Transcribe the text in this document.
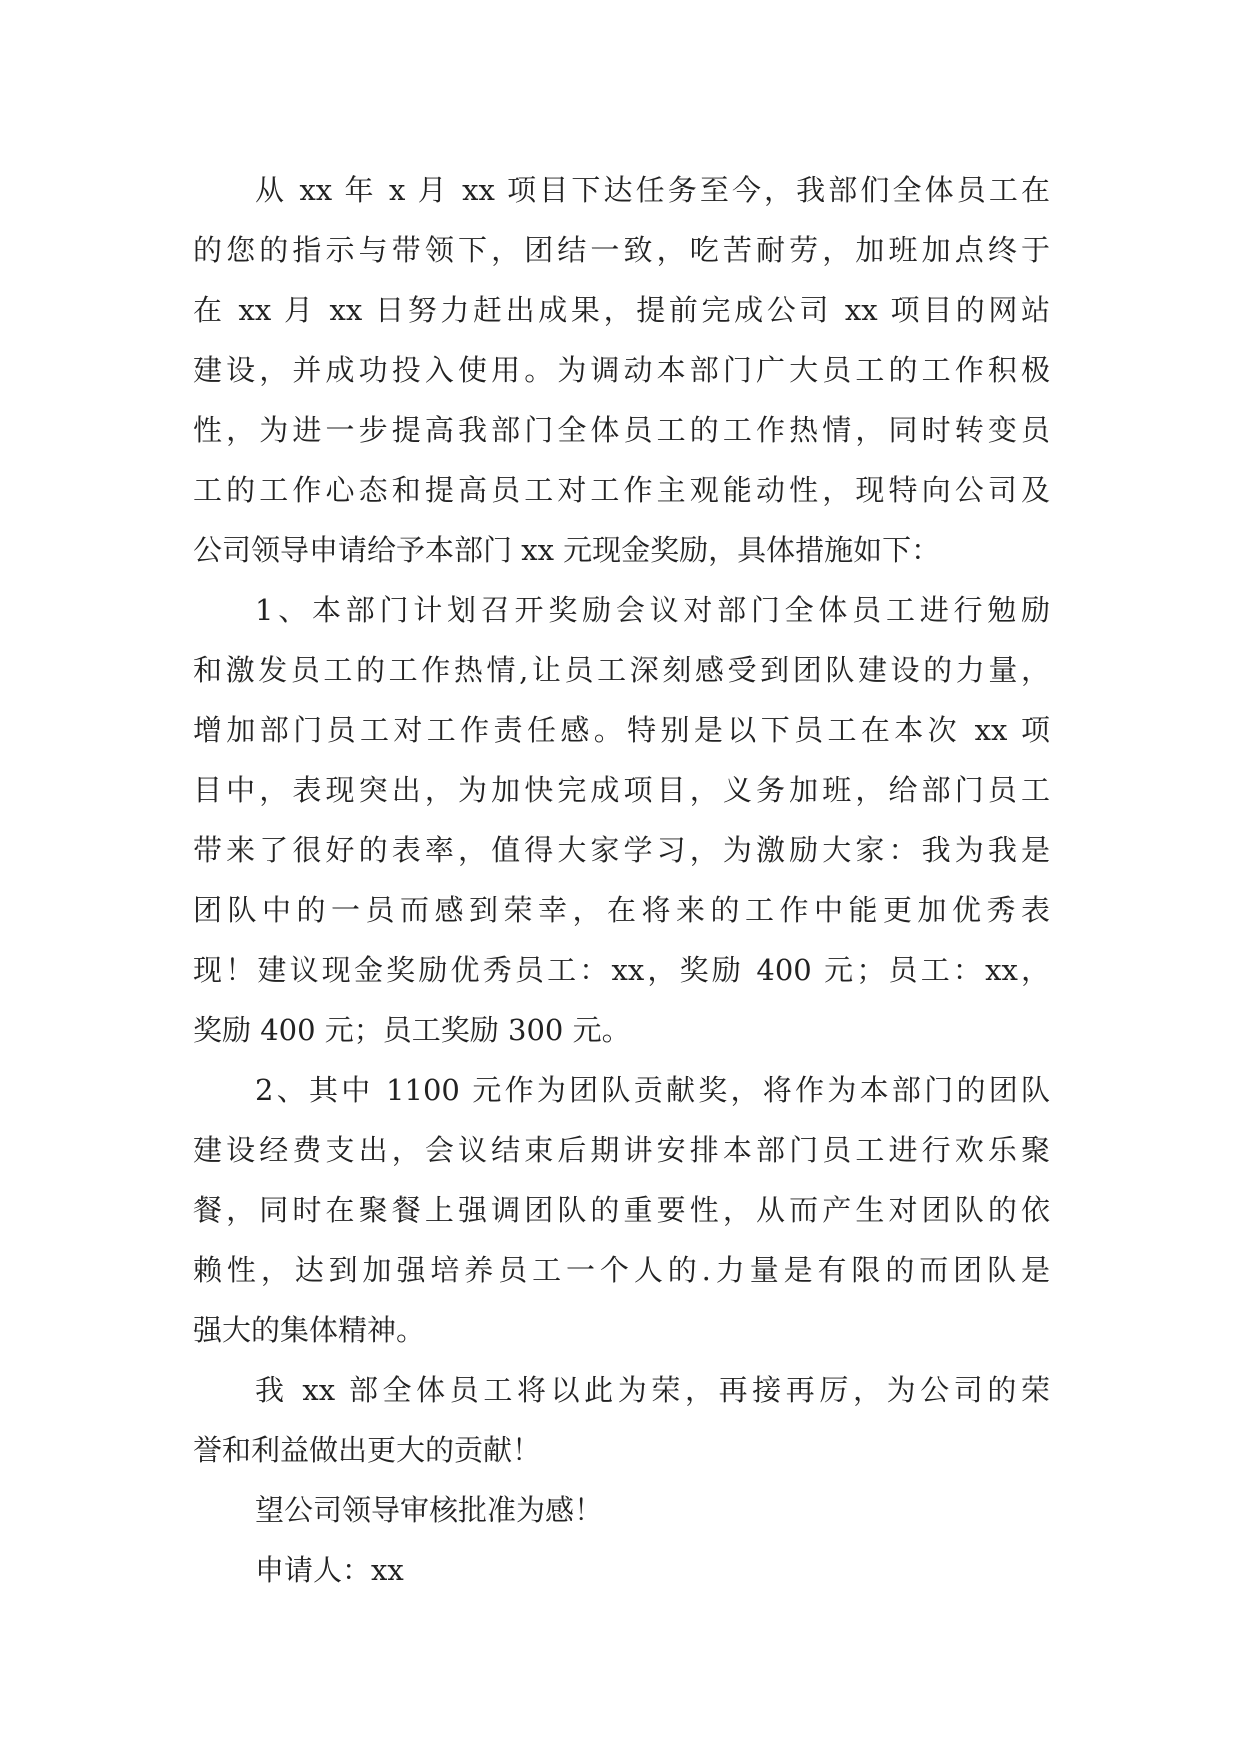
从 xx 年 x 月 xx 项目下达任务至今，我部们全体员工在
的您的指示与带领下，团结一致，吃苦耐劳，加班加点终于
在 xx 月 xx 日努力赶出成果，提前完成公司 xx 项目的网站
建设，并成功投入使用。为调动本部门广大员工的工作积极
性，为进一步提高我部门全体员工的工作热情，同时转变员
工的工作心态和提高员工对工作主观能动性，现特向公司及
公司领导申请给予本部门 xx 元现金奖励，具体措施如下：
1、本部门计划召开奖励会议对部门全体员工进行勉励
和激发员工的工作热情,让员工深刻感受到团队建设的力量，
增加部门员工对工作责任感。特别是以下员工在本次 xx 项
目中，表现突出，为加快完成项目，义务加班，给部门员工
带来了很好的表率，值得大家学习，为激励大家：我为我是
团队中的一员而感到荣幸，在将来的工作中能更加优秀表
现！建议现金奖励优秀员工：xx，奖励 400 元；员工：xx，
奖励 400 元；员工奖励 300 元。
2、其中 1100 元作为团队贡献奖，将作为本部门的团队
建设经费支出，会议结束后期讲安排本部门员工进行欢乐聚
餐，同时在聚餐上强调团队的重要性，从而产生对团队的依
赖性，达到加强培养员工一个人的.力量是有限的而团队是
强大的集体精神。
我 xx 部全体员工将以此为荣，再接再厉，为公司的荣
誉和利益做出更大的贡献！
望公司领导审核批准为感！
申请人：xx
